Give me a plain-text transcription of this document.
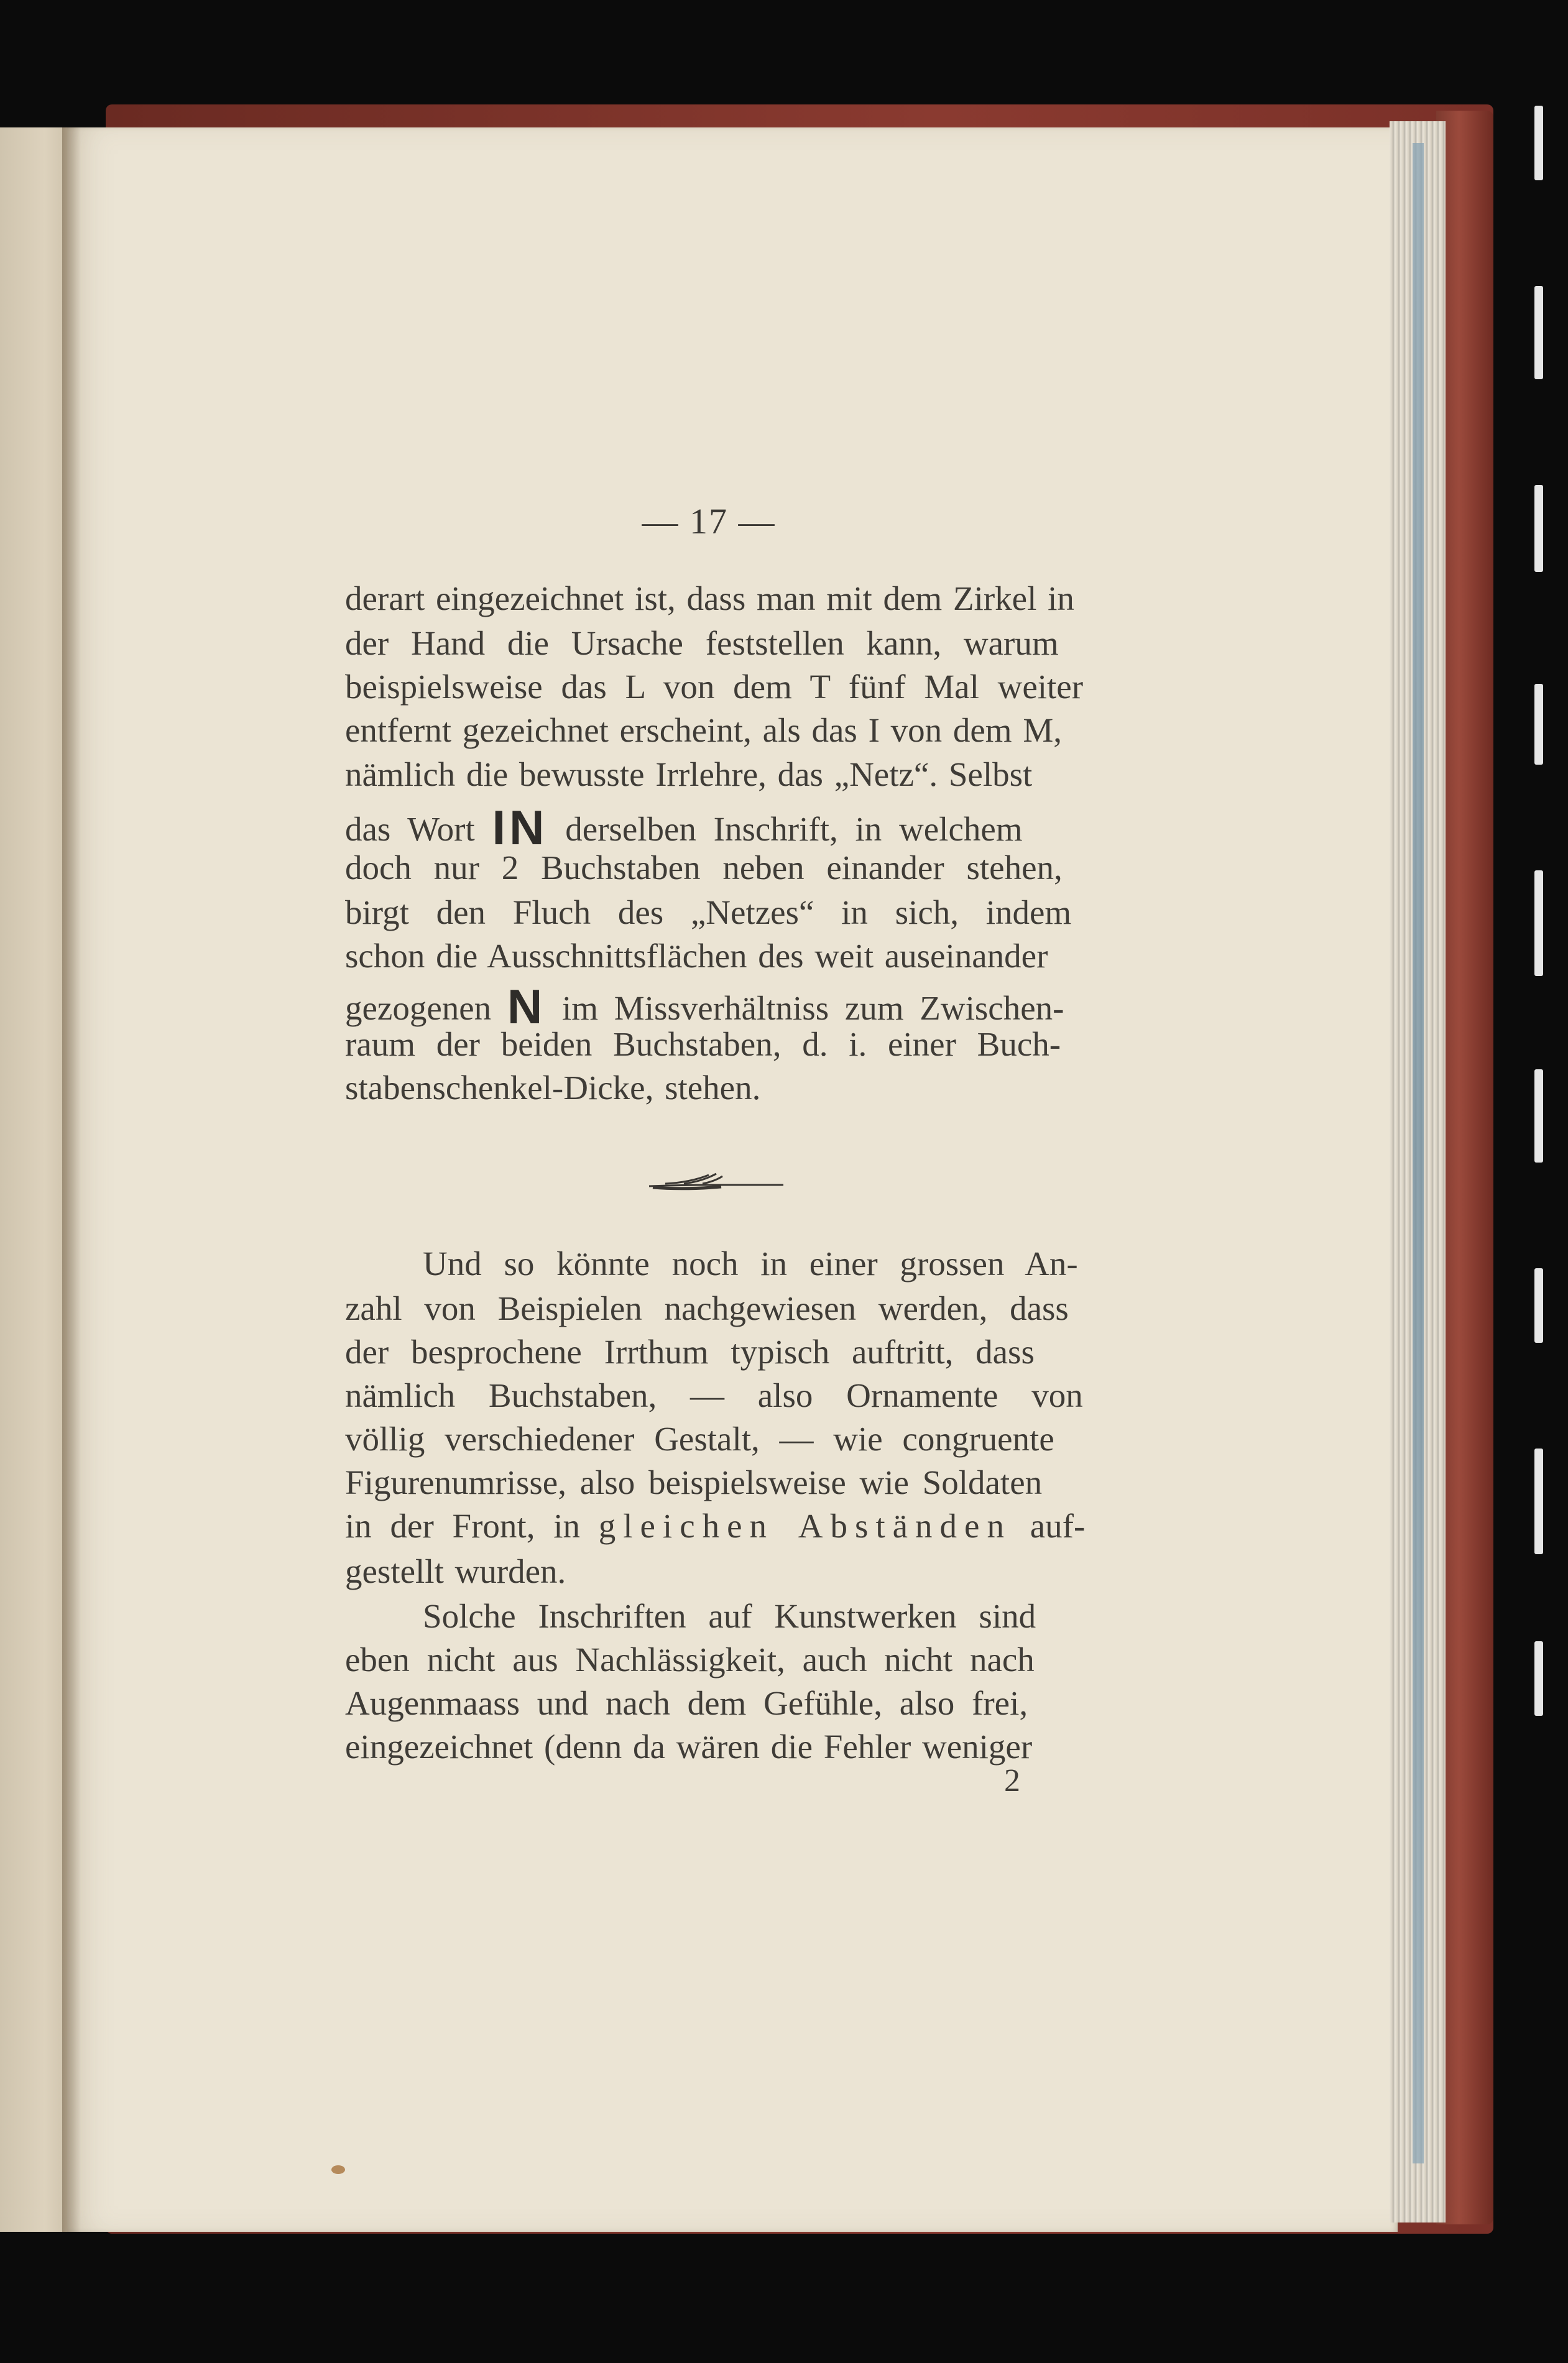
— 17 —
derart eingezeichnet ist, dass man mit dem Zirkel in
der Hand die Ursache feststellen kann, warum
beispielsweise das L von dem T fünf Mal weiter
entfernt gezeichnet erscheint, als das I von dem M,
nämlich die bewusste Irrlehre, das „Netz“. Selbst
das Wort IN derselben Inschrift, in welchem
doch nur 2 Buchstaben neben einander stehen,
birgt den Fluch des „Netzes“ in sich, indem
schon die Ausschnittsflächen des weit auseinander
gezogenen N im Missverhältniss zum Zwischen-
raum der beiden Buchstaben, d. i. einer Buch-
stabenschenkel-Dicke, stehen.
Und so könnte noch in einer grossen An-
zahl von Beispielen nachgewiesen werden, dass
der besprochene Irrthum typisch auftritt, dass
nämlich Buchstaben, — also Ornamente von
völlig verschiedener Gestalt, — wie congruente
Figurenumrisse, also beispielsweise wie Soldaten
in der Front, in gleichen Abständen auf-
gestellt wurden.
Solche Inschriften auf Kunstwerken sind
eben nicht aus Nachlässigkeit, auch nicht nach
Augenmaass und nach dem Gefühle, also frei,
eingezeichnet (denn da wären die Fehler weniger
2
